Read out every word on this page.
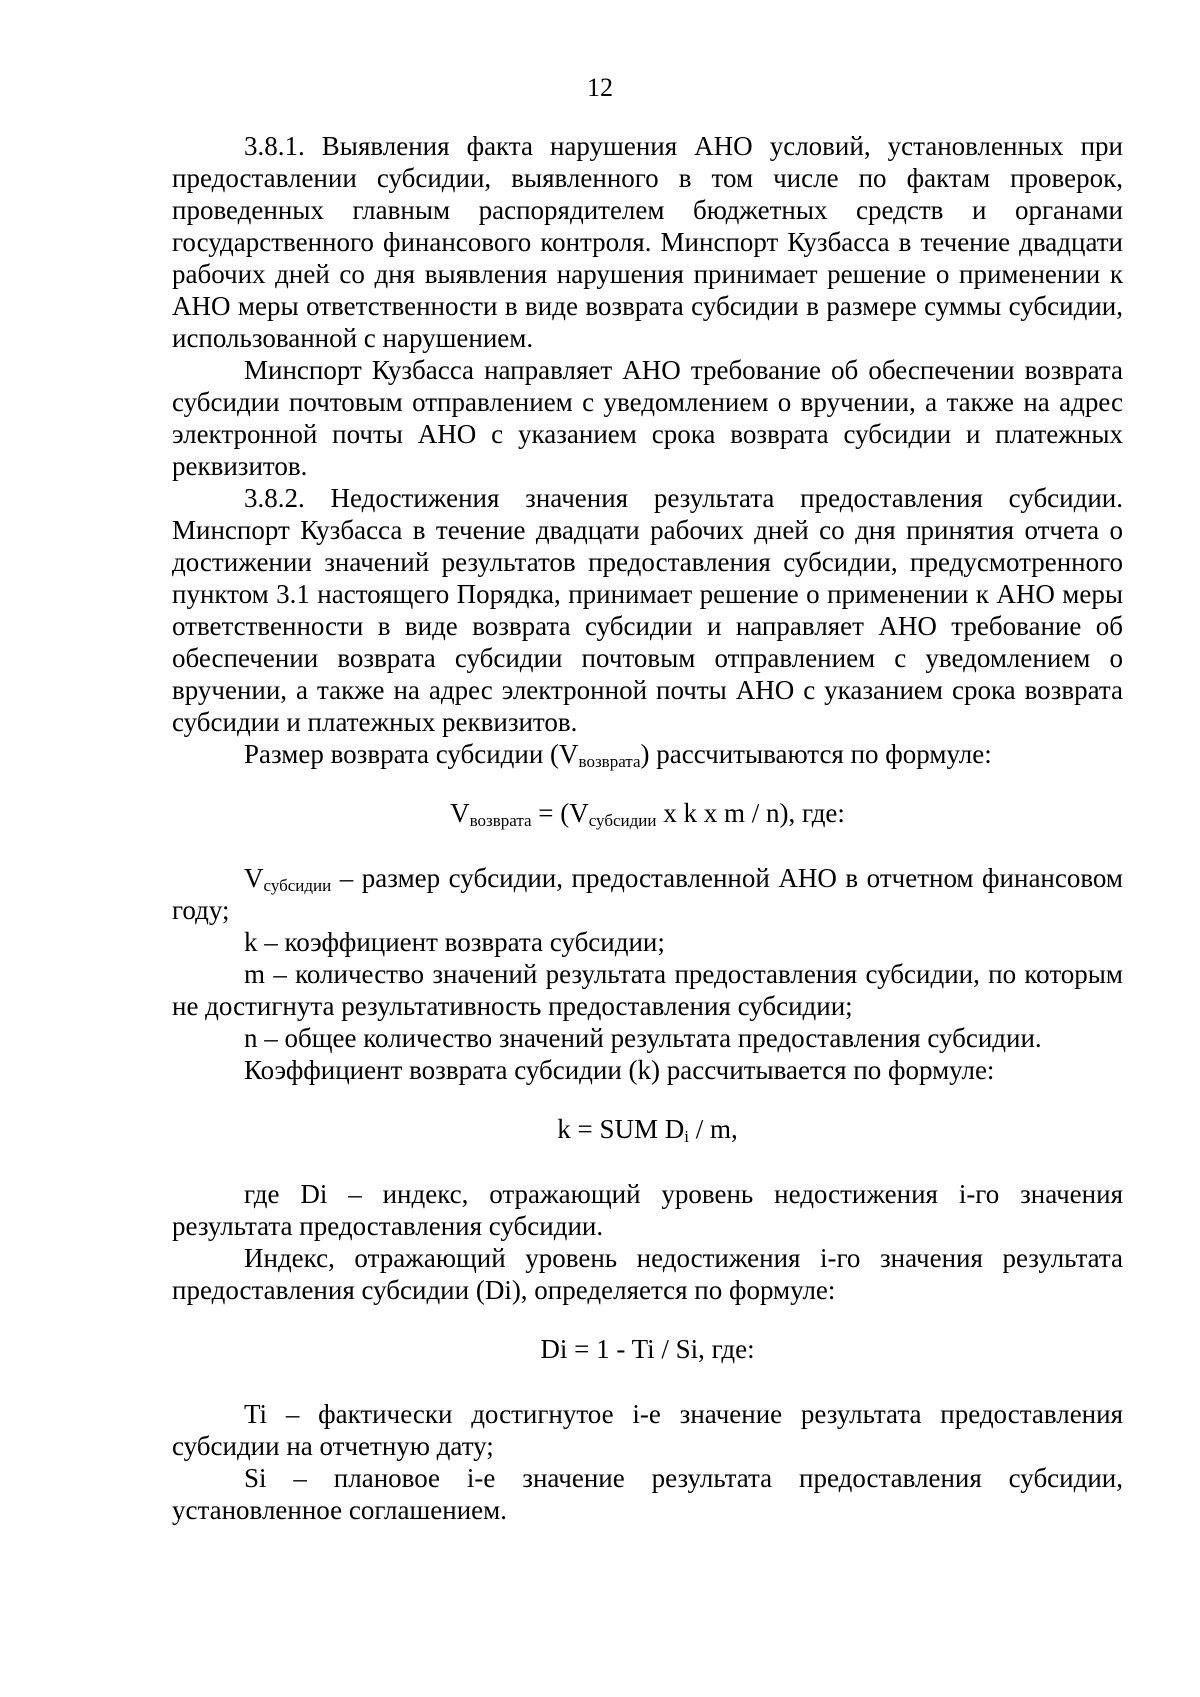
12

3.8.1. Выявления факта нарушения АНО условий, установленных при предоставлении субсидии, выявленного в том числе по фактам проверок, проведенных главным распорядителем бюджетных средств и органами государственного финансового контроля. Минспорт Кузбасса в течение двадцати рабочих дней со дня выявления нарушения принимает решение о применении к АНО меры ответственности в виде возврата субсидии в размере суммы субсидии, использованной с нарушением.

Минспорт Кузбасса направляет АНО требование об обеспечении возврата субсидии почтовым отправлением с уведомлением о вручении, а также на адрес электронной почты АНО с указанием срока возврата субсидии и платежных реквизитов.

3.8.2. Недостижения значения результата предоставления субсидии. Минспорт Кузбасса в течение двадцати рабочих дней со дня принятия отчета о достижении значений результатов предоставления субсидии, предусмотренного пунктом 3.1 настоящего Порядка, принимает решение о применении к АНО меры ответственности в виде возврата субсидии и направляет АНО требование об обеспечении возврата субсидии почтовым отправлением с уведомлением о вручении, а также на адрес электронной почты АНО с указанием срока возврата субсидии и платежных реквизитов.

Размер возврата субсидии $(V_{возврата})$ рассчитываются по формуле:

$V_{возврата} = (V_{субсидии}$ x k x m / n), где:

$V_{субсидии}$ – размер субсидии, предоставленной АНО в отчетном финансовом году;

k – коэффициент возврата субсидии;

m – количество значений результата предоставления субсидии, по которым не достигнута результативность предоставления субсидии;

n – общее количество значений результата предоставления субсидии.

Коэффициент возврата субсидии (k) рассчитывается по формуле:

k = SUM $D_i$ / m,

где Di – индекс, отражающий уровень недостижения i-го значения результата предоставления субсидии.

Индекс, отражающий уровень недостижения i-го значения результата предоставления субсидии (Di), определяется по формуле:

Di = 1 - Ti / Si, где:

Ti – фактически достигнутое i-е значение результата предоставления субсидии на отчетную дату;

Si – плановое i-е значение результата предоставления субсидии, установленное соглашением.
